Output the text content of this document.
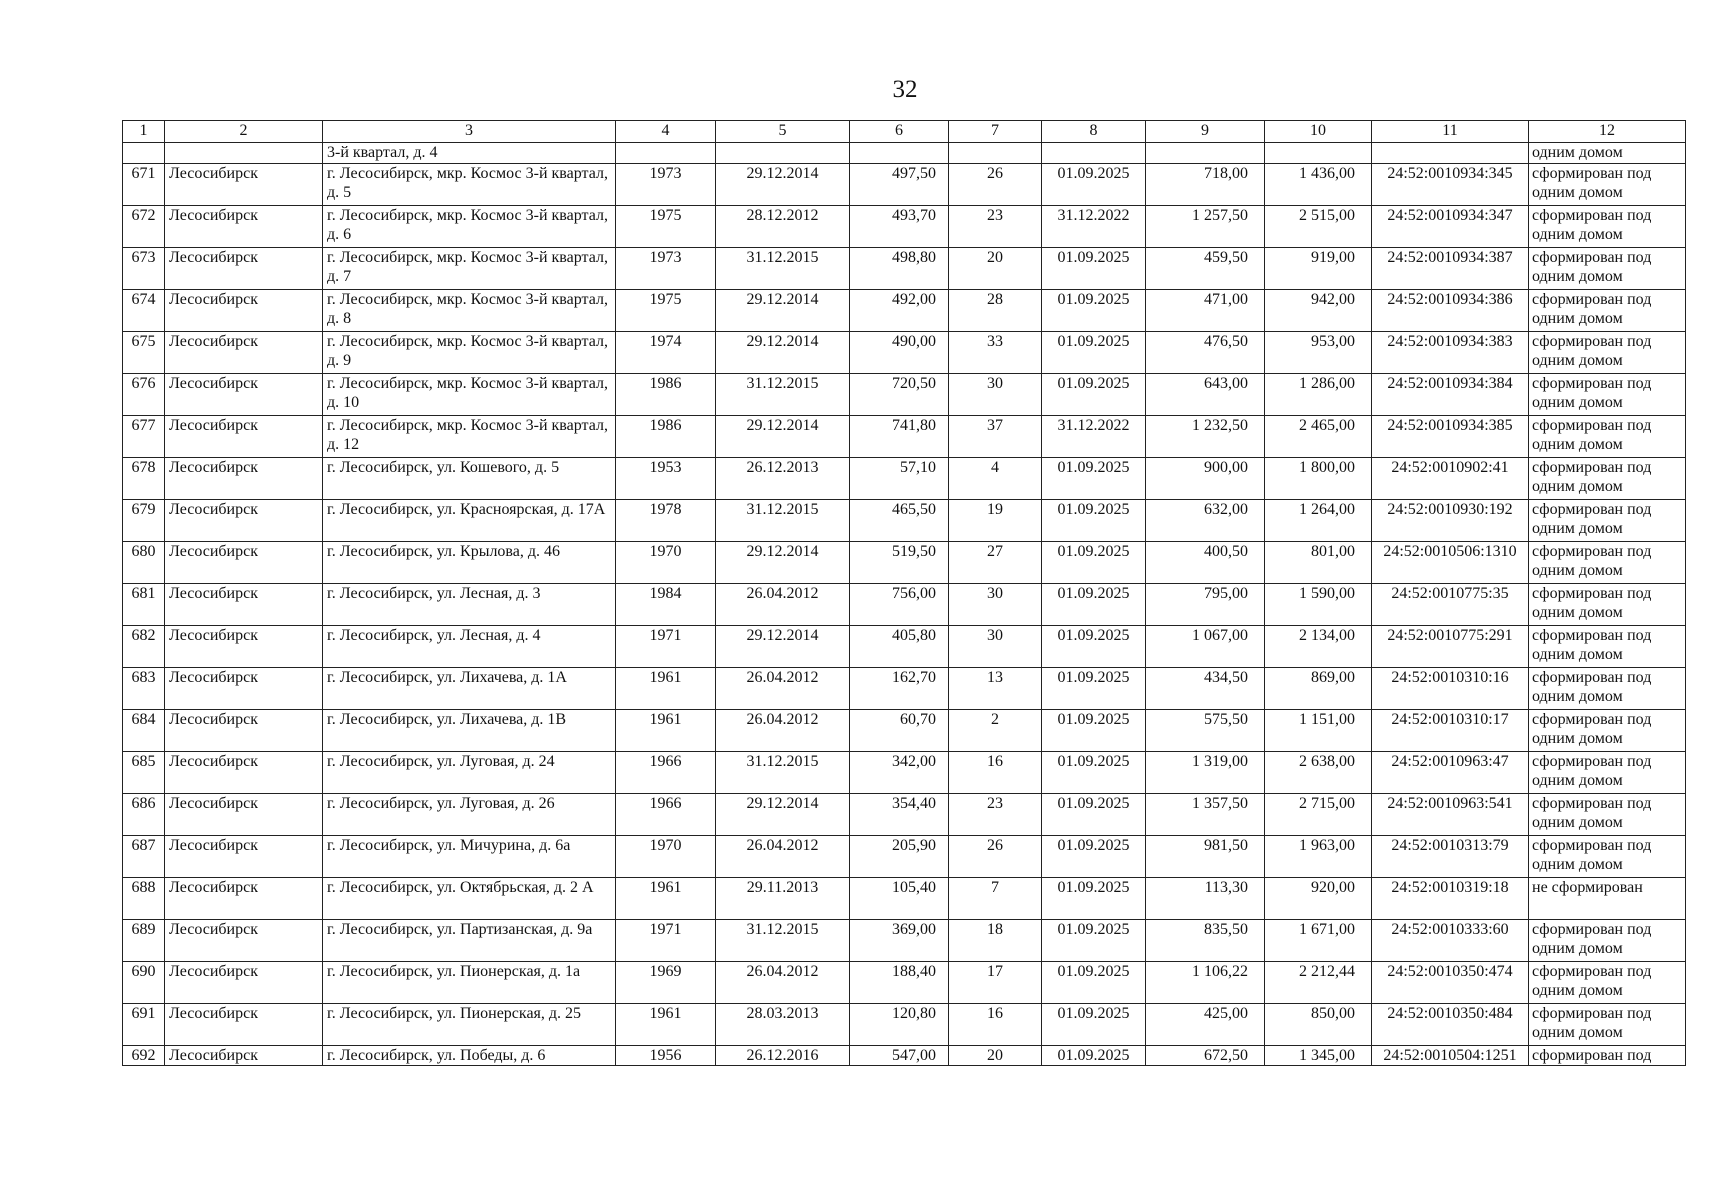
32
1	2	3	4	5	6	7	8	9	10	11	12
		3-й квартал, д. 4									одним домом
671	Лесосибирск	г. Лесосибирск, мкр. Космос 3-й квартал, д. 5	1973	29.12.2014	497,50	26	01.09.2025	718,00	1 436,00	24:52:0010934:345	сформирован под одним домом
672	Лесосибирск	г. Лесосибирск, мкр. Космос 3-й квартал, д. 6	1975	28.12.2012	493,70	23	31.12.2022	1 257,50	2 515,00	24:52:0010934:347	сформирован под одним домом
673	Лесосибирск	г. Лесосибирск, мкр. Космос 3-й квартал, д. 7	1973	31.12.2015	498,80	20	01.09.2025	459,50	919,00	24:52:0010934:387	сформирован под одним домом
674	Лесосибирск	г. Лесосибирск, мкр. Космос 3-й квартал, д. 8	1975	29.12.2014	492,00	28	01.09.2025	471,00	942,00	24:52:0010934:386	сформирован под одним домом
675	Лесосибирск	г. Лесосибирск, мкр. Космос 3-й квартал, д. 9	1974	29.12.2014	490,00	33	01.09.2025	476,50	953,00	24:52:0010934:383	сформирован под одним домом
676	Лесосибирск	г. Лесосибирск, мкр. Космос 3-й квартал, д. 10	1986	31.12.2015	720,50	30	01.09.2025	643,00	1 286,00	24:52:0010934:384	сформирован под одним домом
677	Лесосибирск	г. Лесосибирск, мкр. Космос 3-й квартал, д. 12	1986	29.12.2014	741,80	37	31.12.2022	1 232,50	2 465,00	24:52:0010934:385	сформирован под одним домом
678	Лесосибирск	г. Лесосибирск, ул. Кошевого, д. 5	1953	26.12.2013	57,10	4	01.09.2025	900,00	1 800,00	24:52:0010902:41	сформирован под одним домом
679	Лесосибирск	г. Лесосибирск, ул. Красноярская, д. 17А	1978	31.12.2015	465,50	19	01.09.2025	632,00	1 264,00	24:52:0010930:192	сформирован под одним домом
680	Лесосибирск	г. Лесосибирск, ул. Крылова, д. 46	1970	29.12.2014	519,50	27	01.09.2025	400,50	801,00	24:52:0010506:1310	сформирован под одним домом
681	Лесосибирск	г. Лесосибирск, ул. Лесная, д. 3	1984	26.04.2012	756,00	30	01.09.2025	795,00	1 590,00	24:52:0010775:35	сформирован под одним домом
682	Лесосибирск	г. Лесосибирск, ул. Лесная, д. 4	1971	29.12.2014	405,80	30	01.09.2025	1 067,00	2 134,00	24:52:0010775:291	сформирован под одним домом
683	Лесосибирск	г. Лесосибирск, ул. Лихачева, д. 1А	1961	26.04.2012	162,70	13	01.09.2025	434,50	869,00	24:52:0010310:16	сформирован под одним домом
684	Лесосибирск	г. Лесосибирск, ул. Лихачева, д. 1В	1961	26.04.2012	60,70	2	01.09.2025	575,50	1 151,00	24:52:0010310:17	сформирован под одним домом
685	Лесосибирск	г. Лесосибирск, ул. Луговая, д. 24	1966	31.12.2015	342,00	16	01.09.2025	1 319,00	2 638,00	24:52:0010963:47	сформирован под одним домом
686	Лесосибирск	г. Лесосибирск, ул. Луговая, д. 26	1966	29.12.2014	354,40	23	01.09.2025	1 357,50	2 715,00	24:52:0010963:541	сформирован под одним домом
687	Лесосибирск	г. Лесосибирск, ул. Мичурина, д. 6а	1970	26.04.2012	205,90	26	01.09.2025	981,50	1 963,00	24:52:0010313:79	сформирован под одним домом
688	Лесосибирск	г. Лесосибирск, ул. Октябрьская, д. 2 А	1961	29.11.2013	105,40	7	01.09.2025	113,30	920,00	24:52:0010319:18	не сформирован
689	Лесосибирск	г. Лесосибирск, ул. Партизанская, д. 9а	1971	31.12.2015	369,00	18	01.09.2025	835,50	1 671,00	24:52:0010333:60	сформирован под одним домом
690	Лесосибирск	г. Лесосибирск, ул. Пионерская, д. 1а	1969	26.04.2012	188,40	17	01.09.2025	1 106,22	2 212,44	24:52:0010350:474	сформирован под одним домом
691	Лесосибирск	г. Лесосибирск, ул. Пионерская, д. 25	1961	28.03.2013	120,80	16	01.09.2025	425,00	850,00	24:52:0010350:484	сформирован под одним домом
692	Лесосибирск	г. Лесосибирск, ул. Победы, д. 6	1956	26.12.2016	547,00	20	01.09.2025	672,50	1 345,00	24:52:0010504:1251	сформирован под
